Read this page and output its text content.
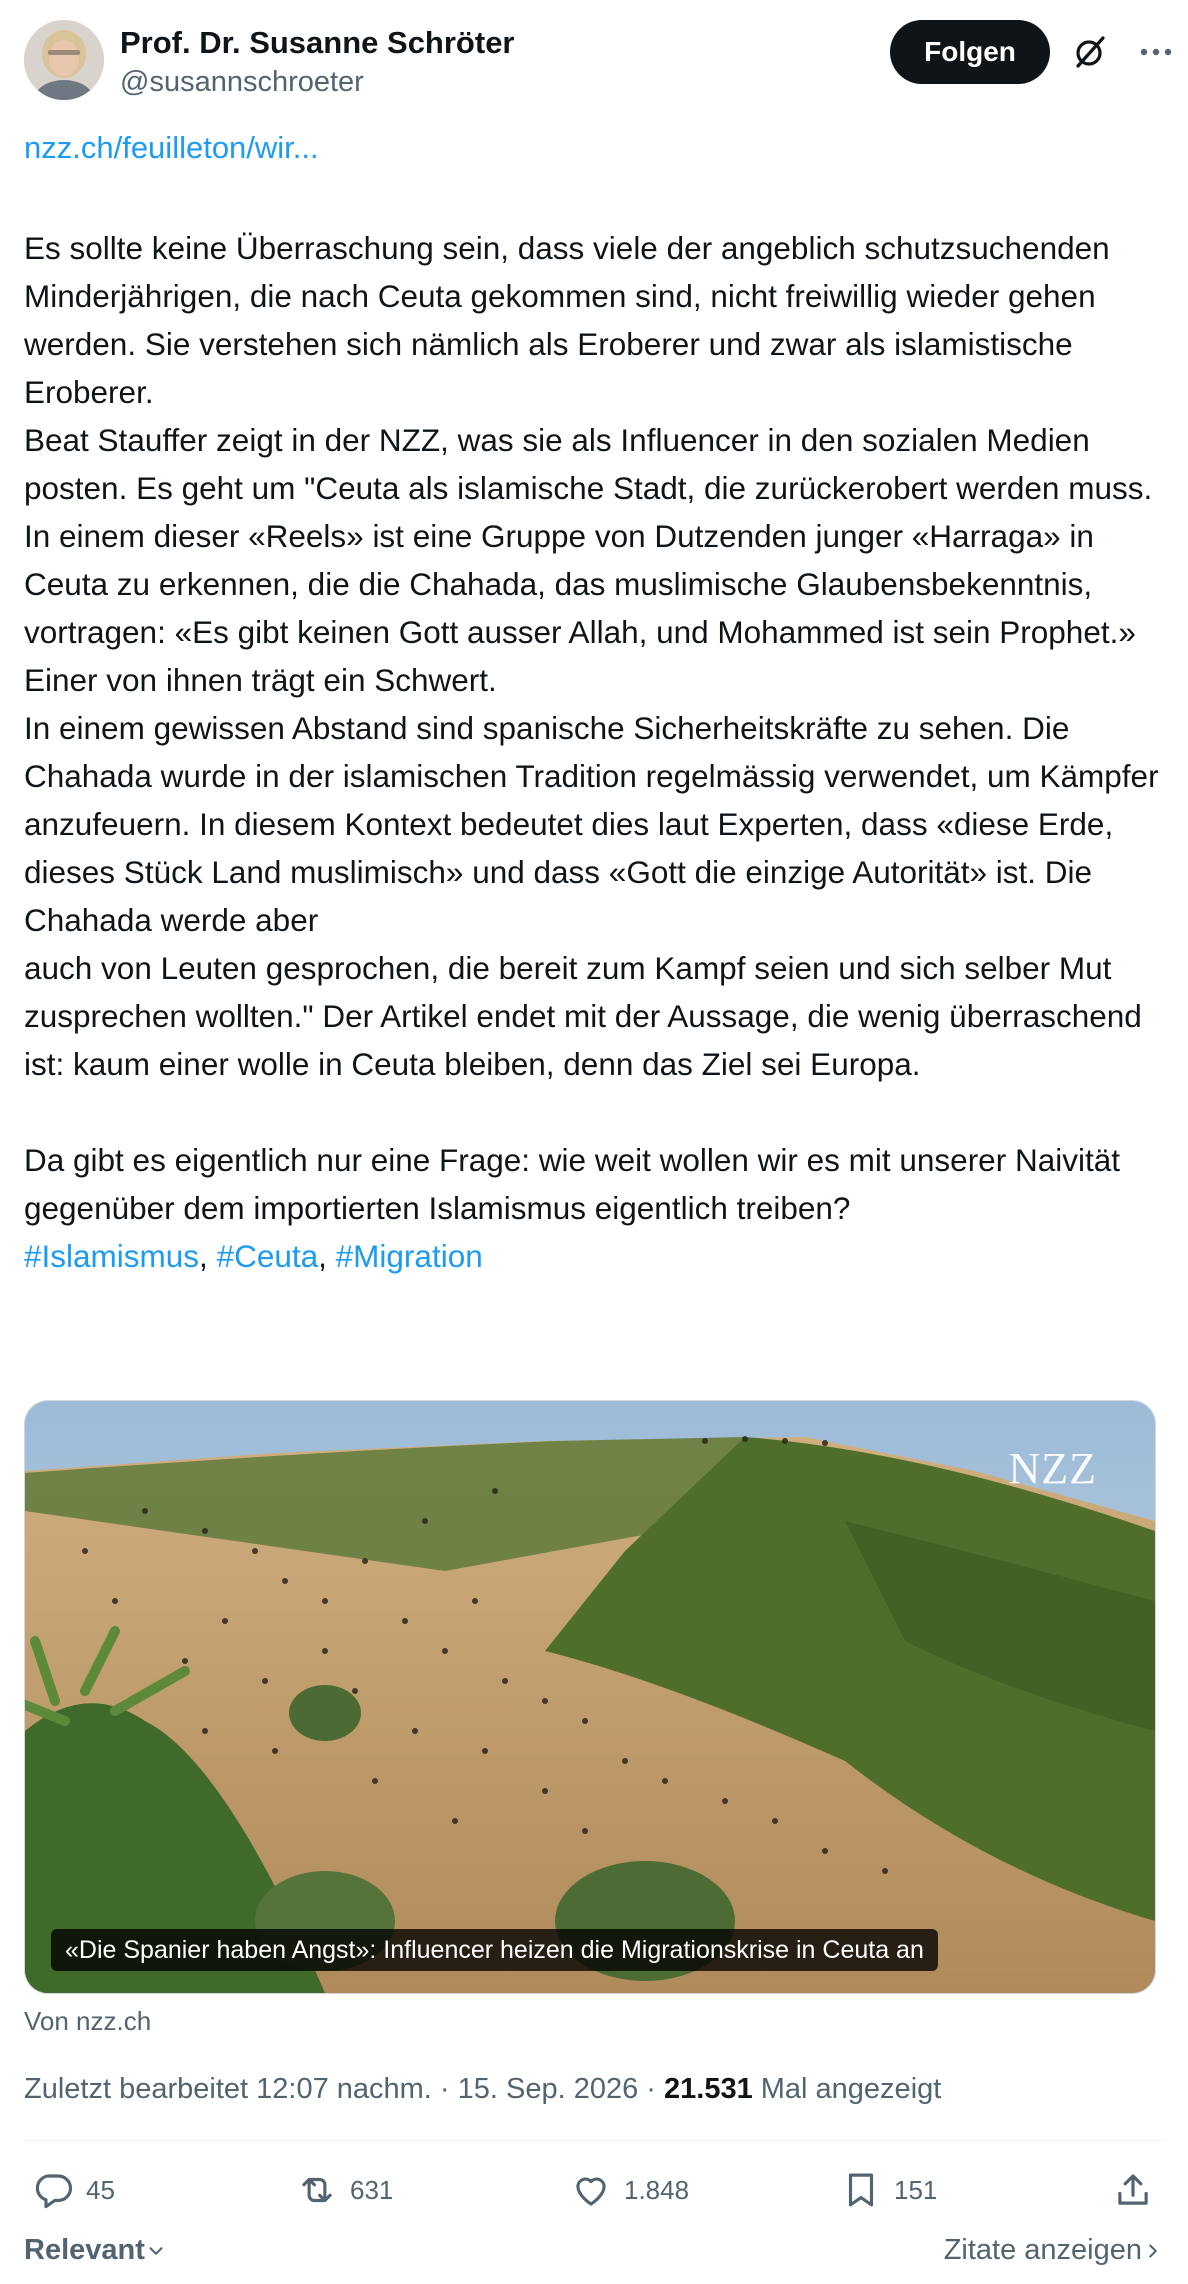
Prof. Dr. Susanne Schröter
@susannschroeter
Folgen
nzz.ch/feuilleton/wir...

Es sollte keine Überraschung sein, dass viele der angeblich schutzsuchenden Minderjährigen, die nach Ceuta gekommen sind, nicht freiwillig wieder gehen werden. Sie verstehen sich nämlich als Eroberer und zwar als islamistische Eroberer.

Beat Stauffer zeigt in der NZZ, was sie als Influencer in den sozialen Medien posten. Es geht um "Ceuta als islamische Stadt, die zurückerobert werden muss. In einem dieser «Reels» ist eine Gruppe von Dutzenden junger «Harraga» in Ceuta zu erkennen, die die Chahada, das muslimische Glaubensbekenntnis, vortragen: «Es gibt keinen Gott ausser Allah, und Mohammed ist sein Prophet.» Einer von ihnen trägt ein Schwert.

In einem gewissen Abstand sind spanische Sicherheitskräfte zu sehen. Die Chahada wurde in der islamischen Tradition regelmässig verwendet, um Kämpfer anzufeuern. In diesem Kontext bedeutet dies laut Experten, dass «diese Erde, dieses Stück Land muslimisch» und dass «Gott die einzige Autorität» ist. Die Chahada werde aber

auch von Leuten gesprochen, die bereit zum Kampf seien und sich selber Mut zusprechen wollten." Der Artikel endet mit der Aussage, die wenig überraschend ist: kaum einer wolle in Ceuta bleiben, denn das Ziel sei Europa.

Da gibt es eigentlich nur eine Frage: wie weit wollen wir es mit unserer Naivität gegenüber dem importierten Islamismus eigentlich treiben?

#Islamismus, #Ceuta, #Migration

NZZ
«Die Spanier haben Angst»: Influencer heizen die Migrationskrise in Ceuta an
Von nzz.ch
Zuletzt bearbeitet 12:07 nachm. · 15. Sep. 2026 · 21.531 Mal angezeigt
45	631	1.848	151
Relevant	Zitate anzeigen
